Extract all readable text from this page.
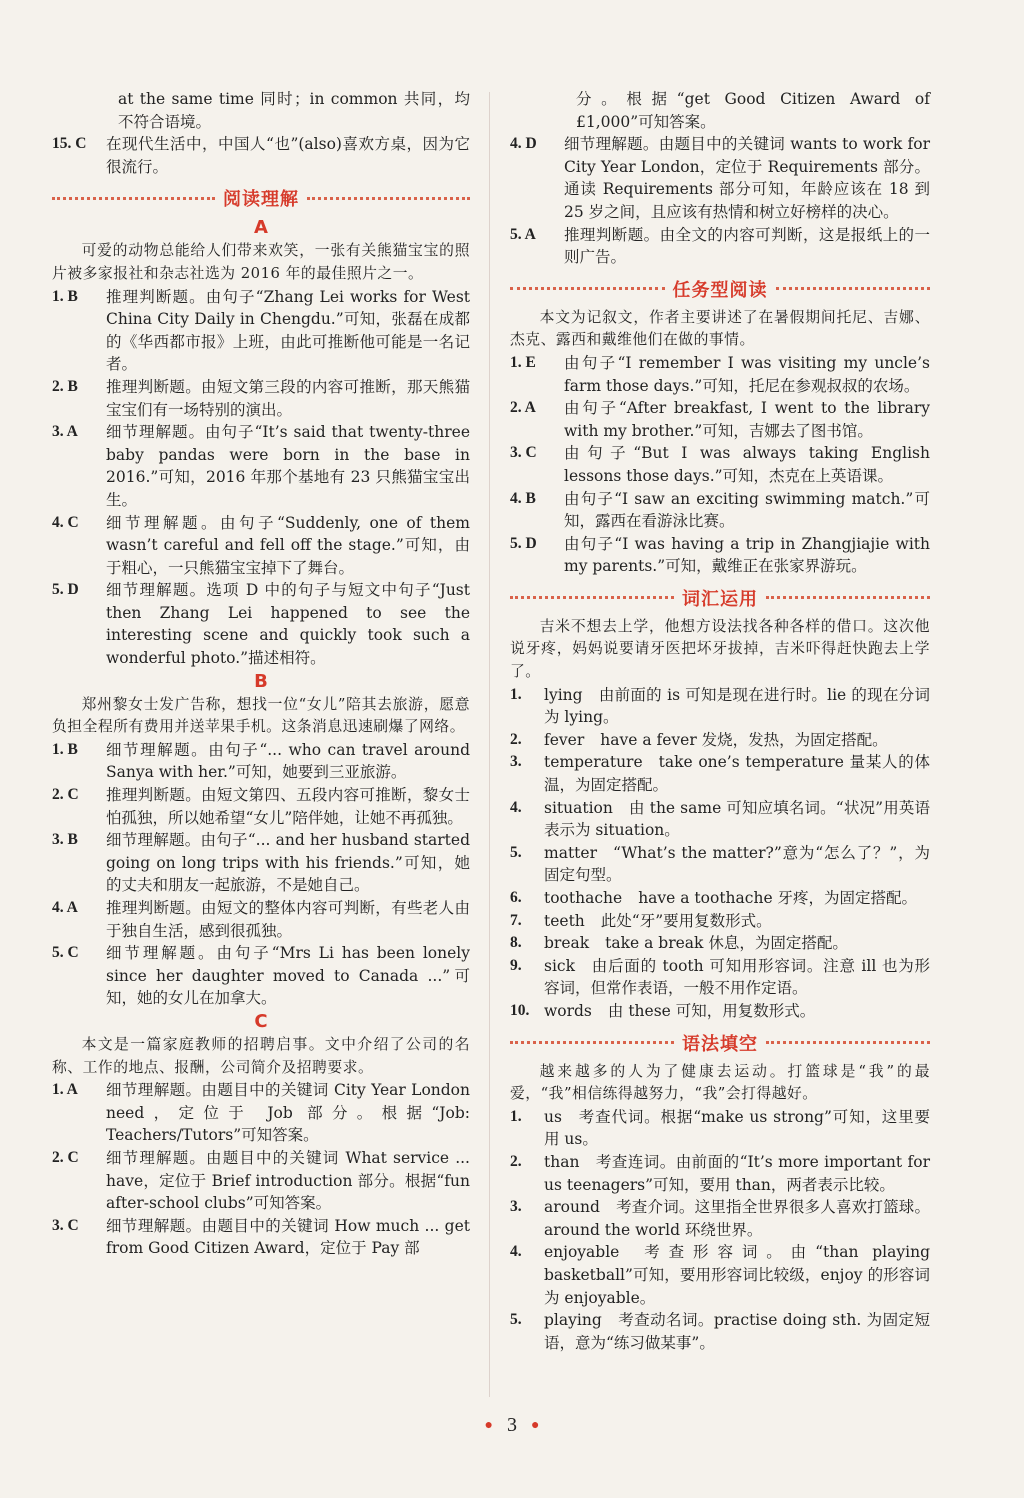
at the same time 同时；in common 共同，均不符合语境。
15. C	在现代生活中，中国人“也”(also)喜欢方桌，因为它很流行。
阅读理解
A
可爱的动物总能给人们带来欢笑，一张有关熊猫宝宝的照片被多家报社和杂志社选为 2016 年的最佳照片之一。
1. B	推理判断题。由句子“Zhang Lei works for West China City Daily in Chengdu.”可知，张磊在成都的《华西都市报》上班，由此可推断他可能是一名记者。
2. B	推理判断题。由短文第三段的内容可推断，那天熊猫宝宝们有一场特别的演出。
3. A	细节理解题。由句子“It’s said that twenty-three baby pandas were born in the base in 2016.”可知，2016 年那个基地有 23 只熊猫宝宝出生。
4. C	细节理解题。由句子“Suddenly, one of them wasn’t careful and fell off the stage.”可知，由于粗心，一只熊猫宝宝掉下了舞台。
5. D	细节理解题。选项 D 中的句子与短文中句子“Just then Zhang Lei happened to see the interesting scene and quickly took such a wonderful photo.”描述相符。
B
郑州黎女士发广告称，想找一位“女儿”陪其去旅游，愿意负担全程所有费用并送苹果手机。这条消息迅速刷爆了网络。
1. B	细节理解题。由句子“... who can travel around Sanya with her.”可知，她要到三亚旅游。
2. C	推理判断题。由短文第四、五段内容可推断，黎女士怕孤独，所以她希望“女儿”陪伴她，让她不再孤独。
3. B	细节理解题。由句子“... and her husband started going on long trips with his friends.”可知，她的丈夫和朋友一起旅游，不是她自己。
4. A	推理判断题。由短文的整体内容可判断，有些老人由于独自生活，感到很孤独。
5. C	细节理解题。由句子“Mrs Li has been lonely since her daughter moved to Canada ...”可知，她的女儿在加拿大。
C
本文是一篇家庭教师的招聘启事。文中介绍了公司的名称、工作的地点、报酬，公司简介及招聘要求。
1. A	细节理解题。由题目中的关键词 City Year London need，定位于 Job 部分。根据“Job: Teachers/Tutors”可知答案。
2. C	细节理解题。由题目中的关键词 What service ... have，定位于 Brief introduction 部分。根据“fun after-school clubs”可知答案。
3. C	细节理解题。由题目中的关键词 How much ... get from Good Citizen Award，定位于 Pay 部
分。根据“get Good Citizen Award of £1,000”可知答案。
4. D	细节理解题。由题目中的关键词 wants to work for City Year London，定位于 Requirements 部分。通读 Requirements 部分可知，年龄应该在 18 到 25 岁之间，且应该有热情和树立好榜样的决心。
5. A	推理判断题。由全文的内容可判断，这是报纸上的一则广告。
任务型阅读
本文为记叙文，作者主要讲述了在暑假期间托尼、吉娜、杰克、露西和戴维他们在做的事情。
1. E	由句子“I remember I was visiting my uncle’s farm those days.”可知，托尼在参观叔叔的农场。
2. A	由句子“After breakfast, I went to the library with my brother.”可知，吉娜去了图书馆。
3. C	由句子“But I was always taking English lessons those days.”可知，杰克在上英语课。
4. B	由句子“I saw an exciting swimming match.”可知，露西在看游泳比赛。
5. D	由句子“I was having a trip in Zhangjiajie with my parents.”可知，戴维正在张家界游玩。
词汇运用
吉米不想去上学，他想方设法找各种各样的借口。这次他说牙疼，妈妈说要请牙医把坏牙拔掉，吉米吓得赶快跑去上学了。
1.	lying 由前面的 is 可知是现在进行时。lie 的现在分词为 lying。
2.	fever have a fever 发烧，发热，为固定搭配。
3.	temperature take one’s temperature 量某人的体温，为固定搭配。
4.	situation 由 the same 可知应填名词。“状况”用英语表示为 situation。
5.	matter “What’s the matter?”意为“怎么了？”，为固定句型。
6.	toothache have a toothache 牙疼，为固定搭配。
7.	teeth 此处“牙”要用复数形式。
8.	break take a break 休息，为固定搭配。
9.	sick 由后面的 tooth 可知用形容词。注意 ill 也为形容词，但常作表语，一般不用作定语。
10. words 由 these 可知，用复数形式。
语法填空
越来越多的人为了健康去运动。打篮球是“我”的最爱，“我”相信练得越努力，“我”会打得越好。
1.	us 考查代词。根据“make us strong”可知，这里要用 us。
2.	than 考查连词。由前面的“It’s more important for us teenagers”可知，要用 than，两者表示比较。
3.	around 考查介词。这里指全世界很多人喜欢打篮球。around the world 环绕世界。
4.	enjoyable 考查形容词。由“than playing basketball”可知，要用形容词比较级，enjoy 的形容词为 enjoyable。
5.	playing 考查动名词。practise doing sth. 为固定短语，意为“练习做某事”。
● 3 ●
